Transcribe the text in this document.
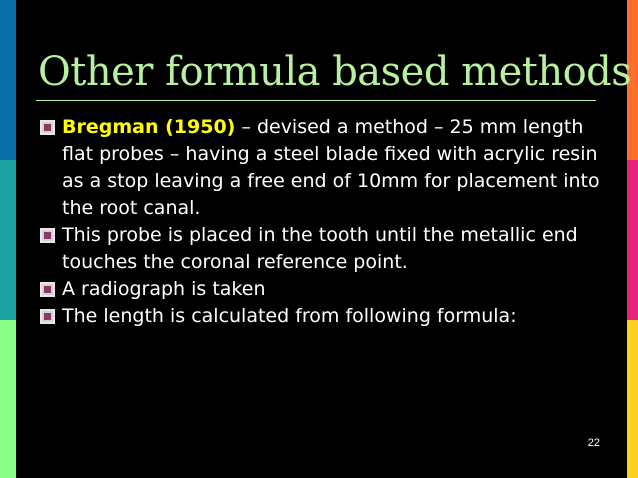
Other formula based methods
Bregman (1950) – devised a method – 25 mm length flat probes – having a steel blade fixed with acrylic resin as a stop leaving a free end of 10mm for placement into the root canal.
This probe is placed in the tooth until the metallic end touches the coronal reference point.
A radiograph is taken
The length is calculated from following formula:
22
